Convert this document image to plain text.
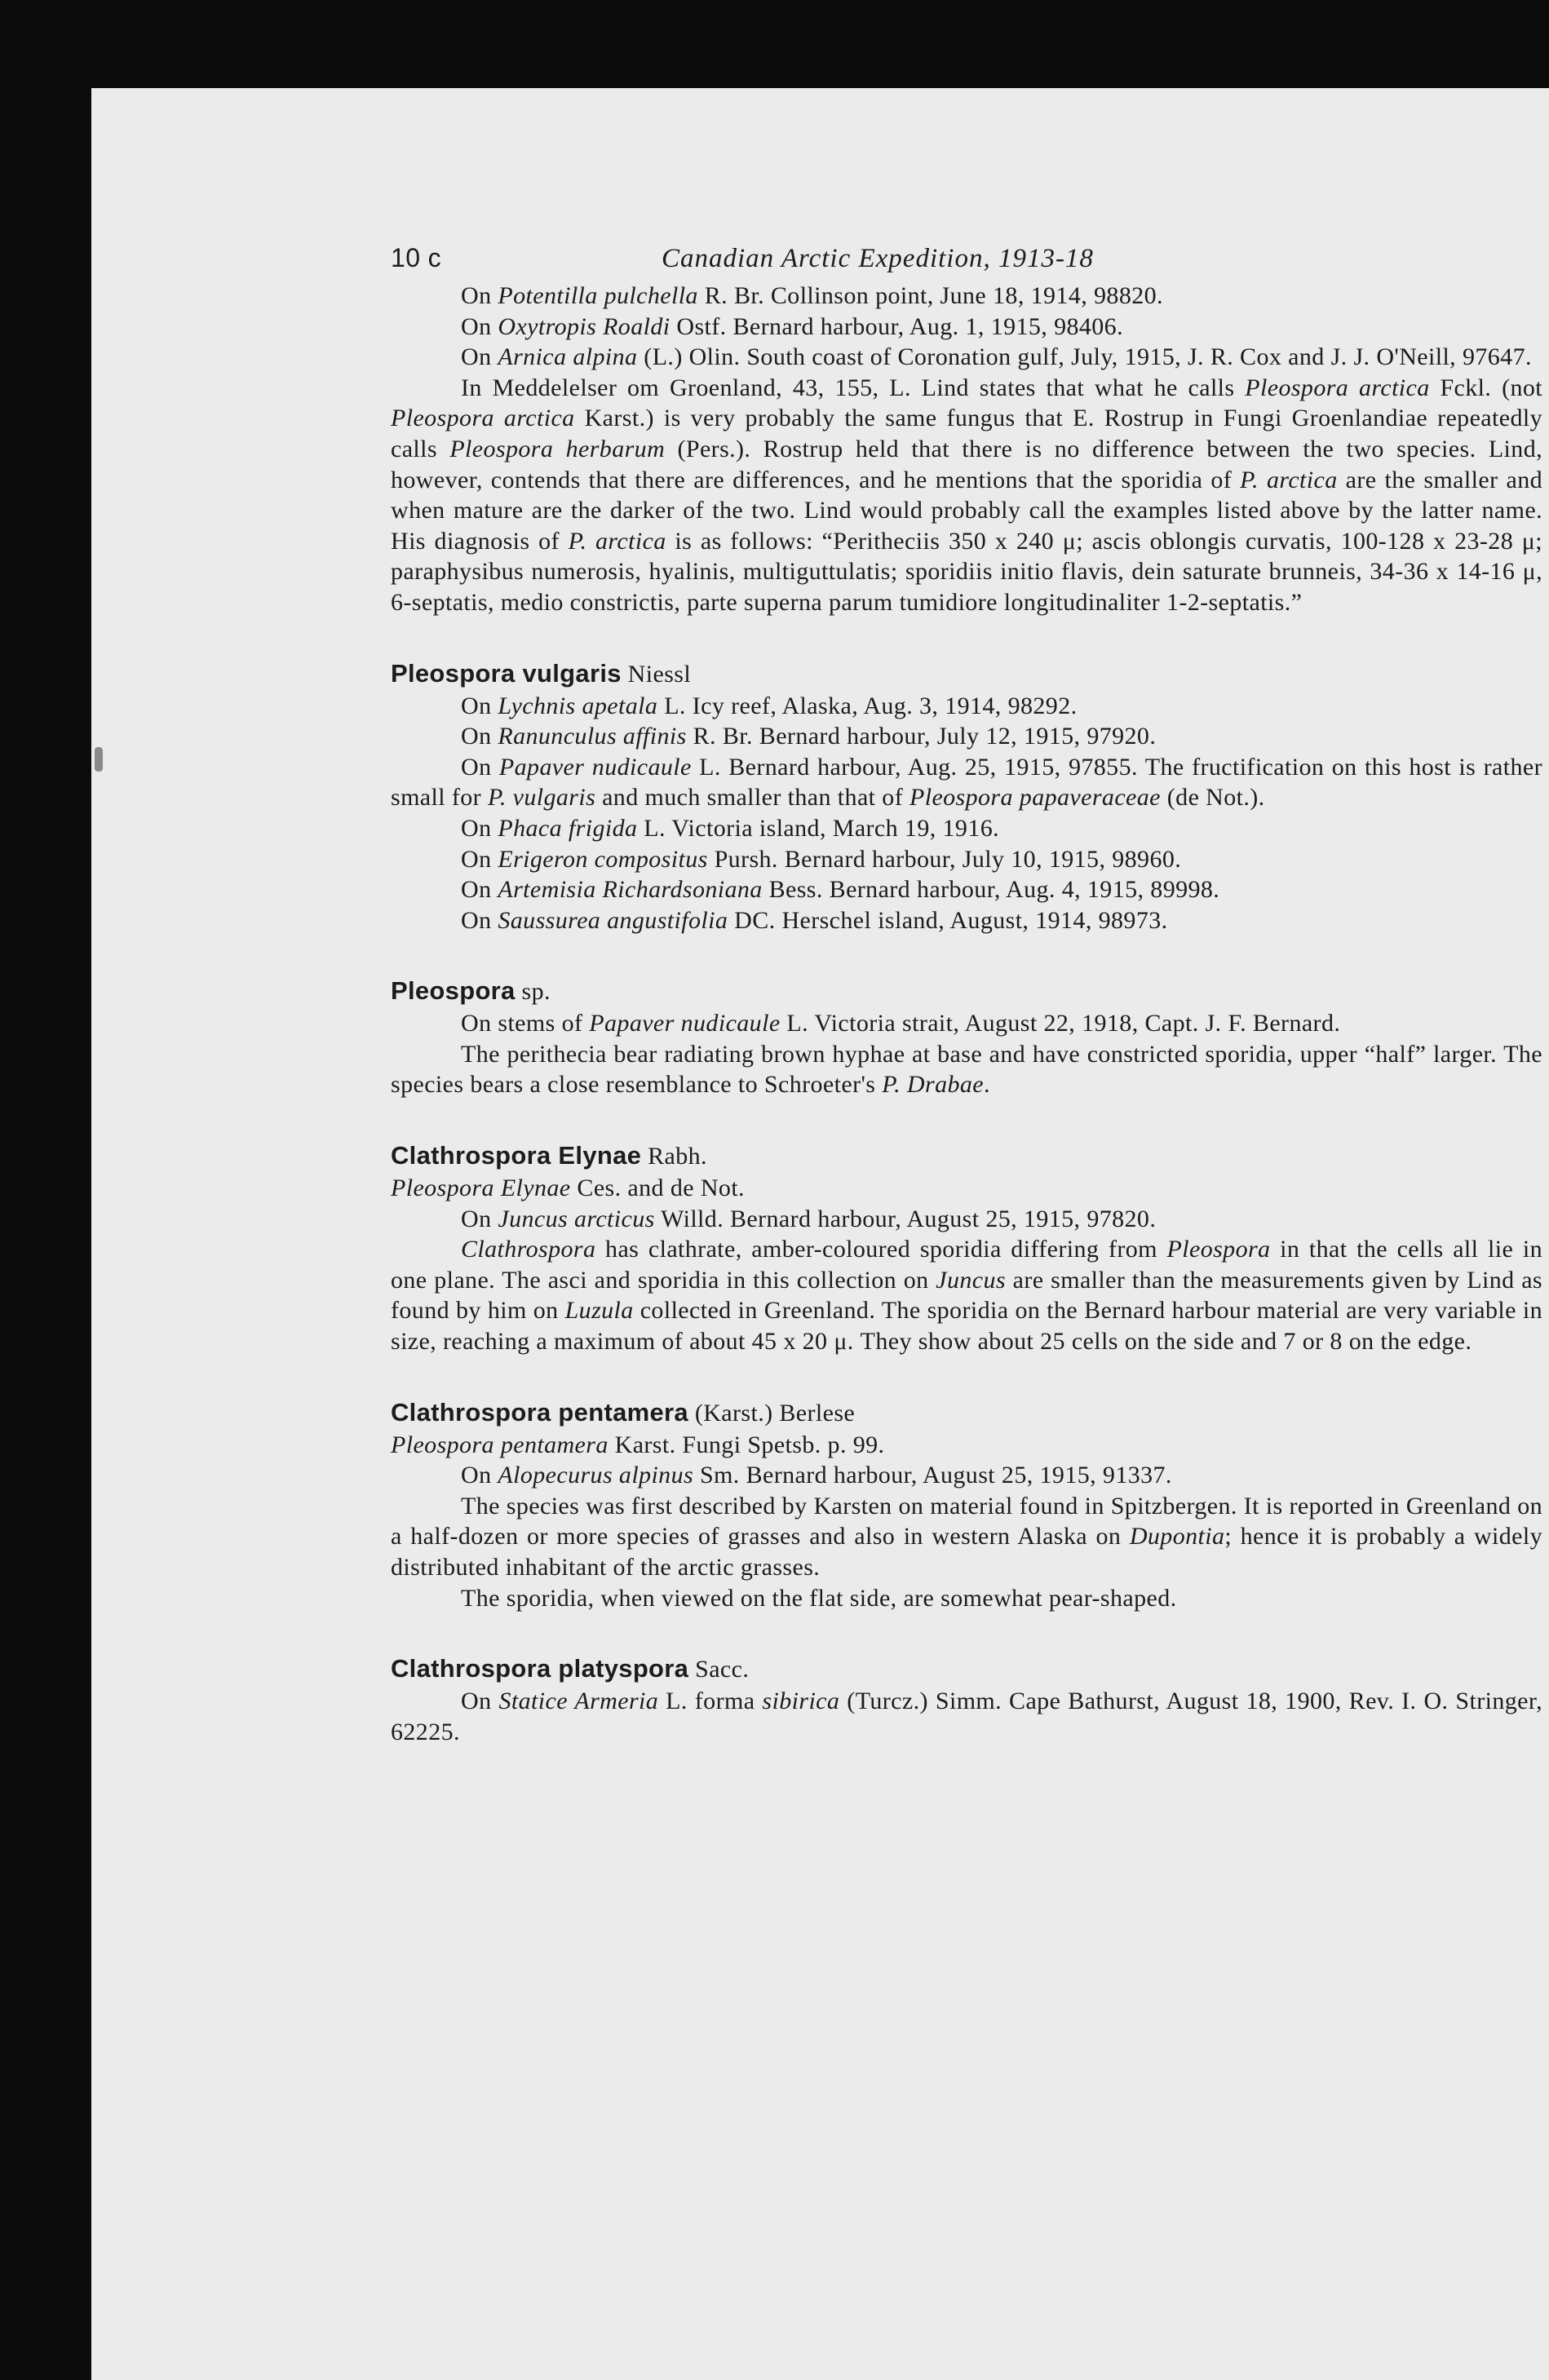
10 c	Canadian Arctic Expedition, 1913-18

On Potentilla pulchella R. Br. Collinson point, June 18, 1914, 98820.

On Oxytropis Roaldi Ostf. Bernard harbour, Aug. 1, 1915, 98406.

On Arnica alpina (L.) Olin. South coast of Coronation gulf, July, 1915, J. R. Cox and J. J. O'Neill, 97647.

In Meddelelser om Groenland, 43, 155, L. Lind states that what he calls Pleospora arctica Fckl. (not Pleospora arctica Karst.) is very probably the same fungus that E. Rostrup in Fungi Groenlandiae repeatedly calls Pleospora herbarum (Pers.). Rostrup held that there is no difference between the two species. Lind, however, contends that there are differences, and he mentions that the sporidia of P. arctica are the smaller and when mature are the darker of the two. Lind would probably call the examples listed above by the latter name. His diagnosis of P. arctica is as follows: “Peritheciis 350 x 240 μ; ascis oblongis curvatis, 100-128 x 23-28 μ; paraphysibus numerosis, hyalinis, multiguttulatis; sporidiis initio flavis, dein saturate brunneis, 34-36 x 14-16 μ, 6-septatis, medio constrictis, parte superna parum tumidiore longitudinaliter 1-2-septatis.”

Pleospora vulgaris Niessl

On Lychnis apetala L. Icy reef, Alaska, Aug. 3, 1914, 98292.

On Ranunculus affinis R. Br. Bernard harbour, July 12, 1915, 97920.

On Papaver nudicaule L. Bernard harbour, Aug. 25, 1915, 97855. The fructification on this host is rather small for P. vulgaris and much smaller than that of Pleospora papaveraceae (de Not.).

On Phaca frigida L. Victoria island, March 19, 1916.

On Erigeron compositus Pursh. Bernard harbour, July 10, 1915, 98960.

On Artemisia Richardsoniana Bess. Bernard harbour, Aug. 4, 1915, 89998.

On Saussurea angustifolia DC. Herschel island, August, 1914, 98973.

Pleospora sp.

On stems of Papaver nudicaule L. Victoria strait, August 22, 1918, Capt. J. F. Bernard.

The perithecia bear radiating brown hyphae at base and have constricted sporidia, upper “half” larger. The species bears a close resemblance to Schroeter's P. Drabae.

Clathrospora Elynae Rabh.

Pleospora Elynae Ces. and de Not.

On Juncus arcticus Willd. Bernard harbour, August 25, 1915, 97820.

Clathrospora has clathrate, amber-coloured sporidia differing from Pleospora in that the cells all lie in one plane. The asci and sporidia in this collection on Juncus are smaller than the measurements given by Lind as found by him on Luzula collected in Greenland. The sporidia on the Bernard harbour material are very variable in size, reaching a maximum of about 45 x 20 μ. They show about 25 cells on the side and 7 or 8 on the edge.

Clathrospora pentamera (Karst.) Berlese

Pleospora pentamera Karst. Fungi Spetsb. p. 99.

On Alopecurus alpinus Sm. Bernard harbour, August 25, 1915, 91337.

The species was first described by Karsten on material found in Spitzbergen. It is reported in Greenland on a half-dozen or more species of grasses and also in western Alaska on Dupontia; hence it is probably a widely distributed inhabitant of the arctic grasses.

The sporidia, when viewed on the flat side, are somewhat pear-shaped.

Clathrospora platyspora Sacc.

On Statice Armeria L. forma sibirica (Turcz.) Simm. Cape Bathurst, August 18, 1900, Rev. I. O. Stringer, 62225.
